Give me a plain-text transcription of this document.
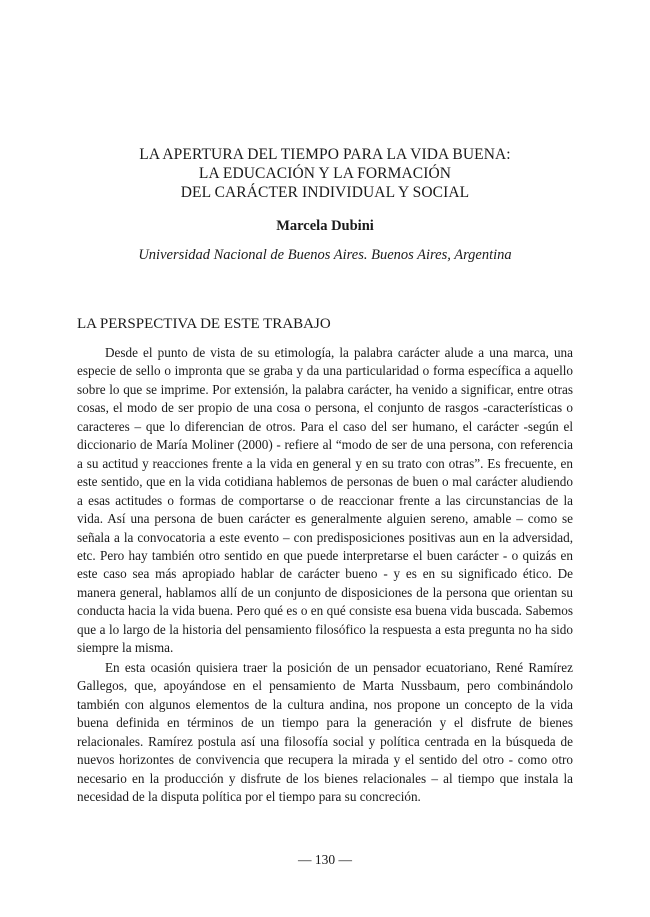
LA APERTURA DEL TIEMPO PARA LA VIDA BUENA:
LA EDUCACIÓN Y LA FORMACIÓN
DEL CARÁCTER INDIVIDUAL Y SOCIAL
Marcela Dubini
Universidad Nacional de Buenos Aires. Buenos Aires, Argentina
LA PERSPECTIVA DE ESTE TRABAJO

Desde el punto de vista de su etimología, la palabra carácter alude a una marca, una especie de sello o impronta que se graba y da una particularidad o forma específica a aquello sobre lo que se imprime. Por extensión, la palabra carácter, ha venido a significar, entre otras cosas, el modo de ser propio de una cosa o persona, el conjunto de rasgos -características o caracteres – que lo diferencian de otros. Para el caso del ser humano, el carácter -según el diccionario de María Moliner (2000) - refiere al “modo de ser de una persona, con referencia a su actitud y reacciones frente a la vida en general y en su trato con otras”. Es frecuente, en este sentido, que en la vida cotidiana hablemos de personas de buen o mal carácter aludiendo a esas actitudes o formas de comportarse o de reaccionar frente a las circunstancias de la vida. Así una persona de buen carácter es generalmente alguien sereno, amable – como se señala a la convocatoria a este evento – con predisposiciones positivas aun en la adversidad, etc. Pero hay también otro sentido en que puede interpretarse el buen carácter - o quizás en este caso sea más apropiado hablar de carácter bueno - y es en su significado ético. De manera general, hablamos allí de un conjunto de disposiciones de la persona que orientan su conducta hacia la vida buena. Pero qué es o en qué consiste esa buena vida buscada. Sabemos que a lo largo de la historia del pensamiento filosófico la respuesta a esta pregunta no ha sido siempre la misma.

En esta ocasión quisiera traer la posición de un pensador ecuatoriano, René Ramírez Gallegos, que, apoyándose en el pensamiento de Marta Nussbaum, pero combinándolo también con algunos elementos de la cultura andina, nos propone un concepto de la vida buena definida en términos de un tiempo para la generación y el disfrute de bienes relacionales. Ramírez postula así una filosofía social y política centrada en la búsqueda de nuevos horizontes de convivencia que recupera la mirada y el sentido del otro - como otro necesario en la producción y disfrute de los bienes relacionales – al tiempo que instala la necesidad de la disputa política por el tiempo para su concreción.

— 130 —
